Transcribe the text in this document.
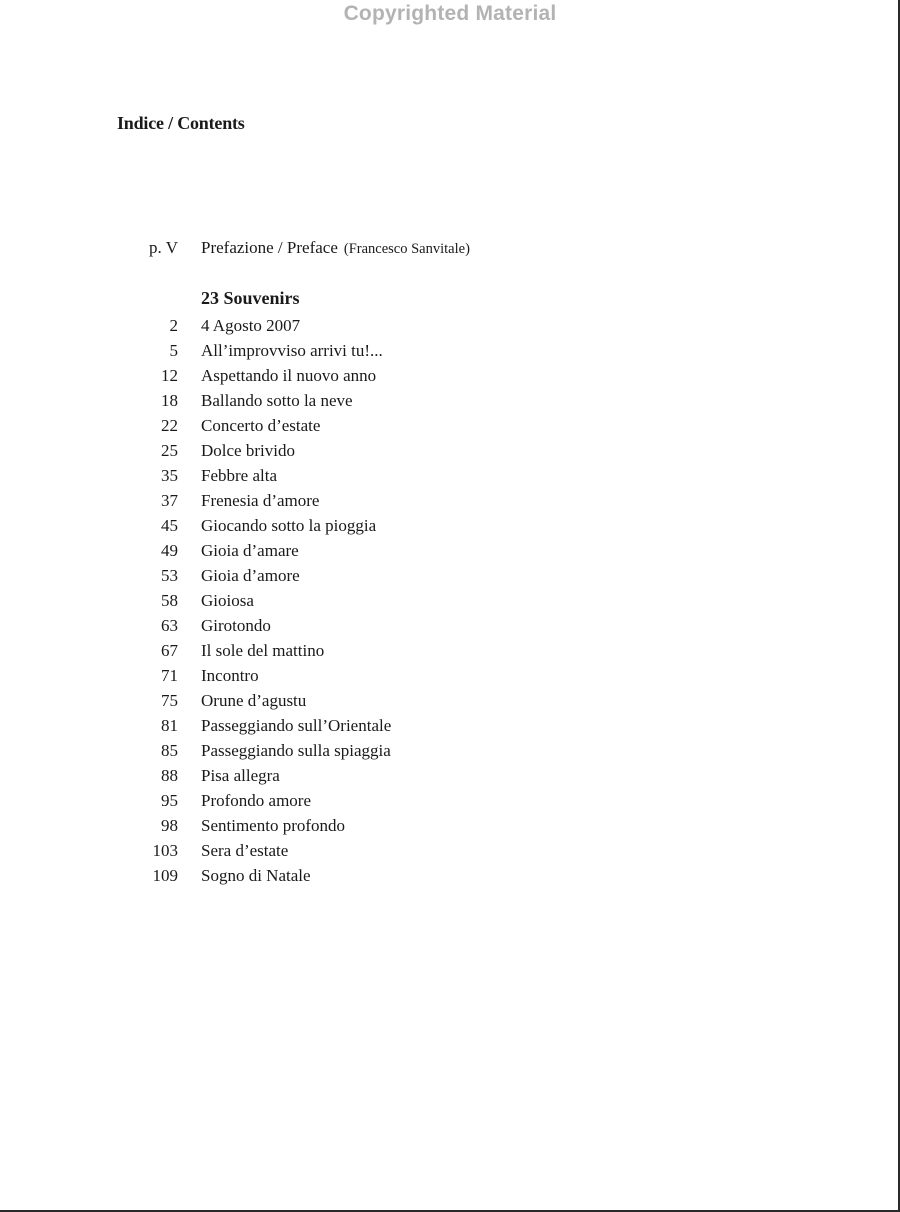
Copyrighted Material
Indice / Contents
p. V Prefazione / Preface (Francesco Sanvitale)
23 Souvenirs
2 4 Agosto 2007
5 All’improvviso arrivi tu!...
12 Aspettando il nuovo anno
18 Ballando sotto la neve
22 Concerto d’estate
25 Dolce brivido
35 Febbre alta
37 Frenesia d’amore
45 Giocando sotto la pioggia
49 Gioia d’amare
53 Gioia d’amore
58 Gioiosa
63 Girotondo
67 Il sole del mattino
71 Incontro
75 Orune d’agustu
81 Passeggiando sull’Orientale
85 Passeggiando sulla spiaggia
88 Pisa allegra
95 Profondo amore
98 Sentimento profondo
103 Sera d’estate
109 Sogno di Natale
